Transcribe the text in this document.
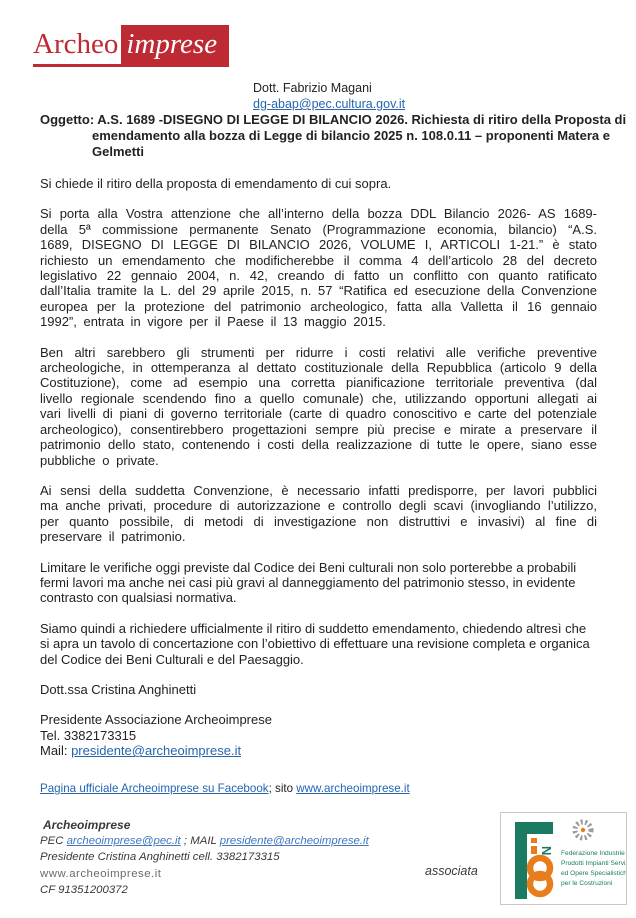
Archeo imprese
Dott. Fabrizio Magani
dg-abap@pec.cultura.gov.it
Oggetto: A.S. 1689 -DISEGNO DI LEGGE DI BILANCIO 2026. Richiesta di ritiro della Proposta di emendamento alla bozza di Legge di bilancio 2025 n. 108.0.11 – proponenti Matera e Gelmetti

Si chiede il ritiro della proposta di emendamento di cui sopra.

Si porta alla Vostra attenzione che all’interno della bozza DDL Bilancio 2026- AS 1689- della 5ª commissione permanente Senato (Programmazione economia, bilancio) “A.S. 1689, DISEGNO DI LEGGE DI BILANCIO 2026, VOLUME I, ARTICOLI 1-21.” è stato richiesto un emendamento che modificherebbe il comma 4 dell’articolo 28 del decreto legislativo 22 gennaio 2004, n. 42, creando di fatto un conflitto con quanto ratificato dall’Italia tramite la L. del 29 aprile 2015, n. 57 “Ratifica ed esecuzione della Convenzione europea per la protezione del patrimonio archeologico, fatta alla Valletta il 16 gennaio 1992”, entrata in vigore per il Paese il 13 maggio 2015.

Ben altri sarebbero gli strumenti per ridurre i costi relativi alle verifiche preventive archeologiche, in ottemperanza al dettato costituzionale della Repubblica (articolo 9 della Costituzione), come ad esempio una corretta pianificazione territoriale preventiva (dal livello regionale scendendo fino a quello comunale) che, utilizzando opportuni allegati ai vari livelli di piani di governo territoriale (carte di quadro conoscitivo e carte del potenziale archeologico), consentirebbero progettazioni sempre più precise e mirate a preservare il patrimonio dello stato, contenendo i costi della realizzazione di tutte le opere, siano esse pubbliche o private.

Ai sensi della suddetta Convenzione, è necessario infatti predisporre, per lavori pubblici ma anche privati, procedure di autorizzazione e controllo degli scavi (invogliando l’utilizzo, per quanto possibile, di metodi di investigazione non distruttivi e invasivi) al fine di preservare il patrimonio.

Limitare le verifiche oggi previste dal Codice dei Beni culturali non solo porterebbe a probabili fermi lavori ma anche nei casi più gravi al danneggiamento del patrimonio stesso, in evidente contrasto con qualsiasi normativa.

Siamo quindi a richiedere ufficialmente il ritiro di suddetto emendamento, chiedendo altresì che si apra un tavolo di concertazione con l’obiettivo di effettuare una revisione completa e organica del Codice dei Beni Culturali e del Paesaggio.

Dott.ssa Cristina Anghinetti

Presidente Associazione Archeoimprese
Tel. 3382173315
Mail: presidente@archeoimprese.it
Pagina ufficiale Archeoimprese su Facebook; sito www.archeoimprese.it
Archeoimprese
PEC archeoimprese@pec.it ; MAIL presidente@archeoimprese.it
Presidente Cristina Anghinetti cell. 3382173315
www.archeoimprese.it
CF 91351200372
associata
N Federazione Industrie
Prodotti Impianti Servizi
ed Opere Specialistiche
per le Costruzioni
